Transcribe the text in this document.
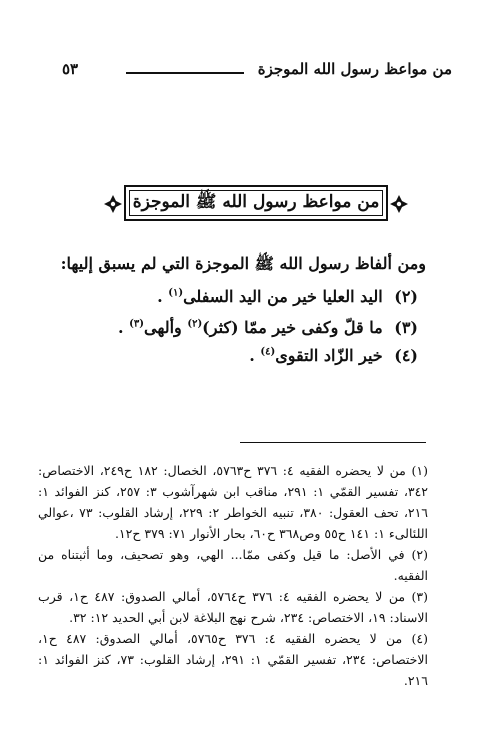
من مواعظ رسول الله الموجزة
٥٣
من مواعظ رسول الله ﷺ الموجزة
ومن ألفاظ رسول الله ﷺ الموجزة التي لم يسبق إليها:
(٢) اليد العليا خير من اليد السفلى$^{(١)}$ .
(٣) ما قلّ وكفى خير ممّا (كثر)$^{(٢)}$ وألهى$^{(٣)}$ .
(٤) خير الزّاد التقوى$^{(٤)}$ .

(١) من لا يحضره الفقيه ٤: ٣٧٦ ح٥٧٦٣، الخصال: ١٨٢ ح٢٤٩، الاختصاص: ٣٤٢، تفسير القمّي ١: ٢٩١، مناقب ابن شهرآشوب ٣: ٢٥٧، كنز الفوائد ١: ٢١٦، تحف العقول: ٣٨٠، تنبيه الخواطر ٢: ٢٢٩، إرشاد القلوب: ٧٣ ،عوالي اللئالىء ١: ١٤١ ح٥٥ وص٣٦٨ ح٦٠، بحار الأنوار ٧١: ٣٧٩ ح١٢.

(٢) في الأصل: ما قيل وكفى ممّا... الهي، وهو تصحيف، وما أثبتناه من الفقيه.

(٣) من لا يحضره الفقيه ٤: ٣٧٦ ح٥٧٦٤، أمالي الصدوق: ٤٨٧ ح١، قرب الاسناد: ١٩، الاختصاص: ٢٣٤، شرح نهج البلاغة لابن أبي الحديد ١٢: ٣٢.

(٤) من لا يحضره الفقيه ٤: ٣٧٦ ح٥٧٦٥، أمالي الصدوق: ٤٨٧ ح١، الاختصاص: ٢٣٤، تفسير القمّي ١: ٢٩١، إرشاد القلوب: ٧٣، كنز الفوائد ١: ٢١٦.
